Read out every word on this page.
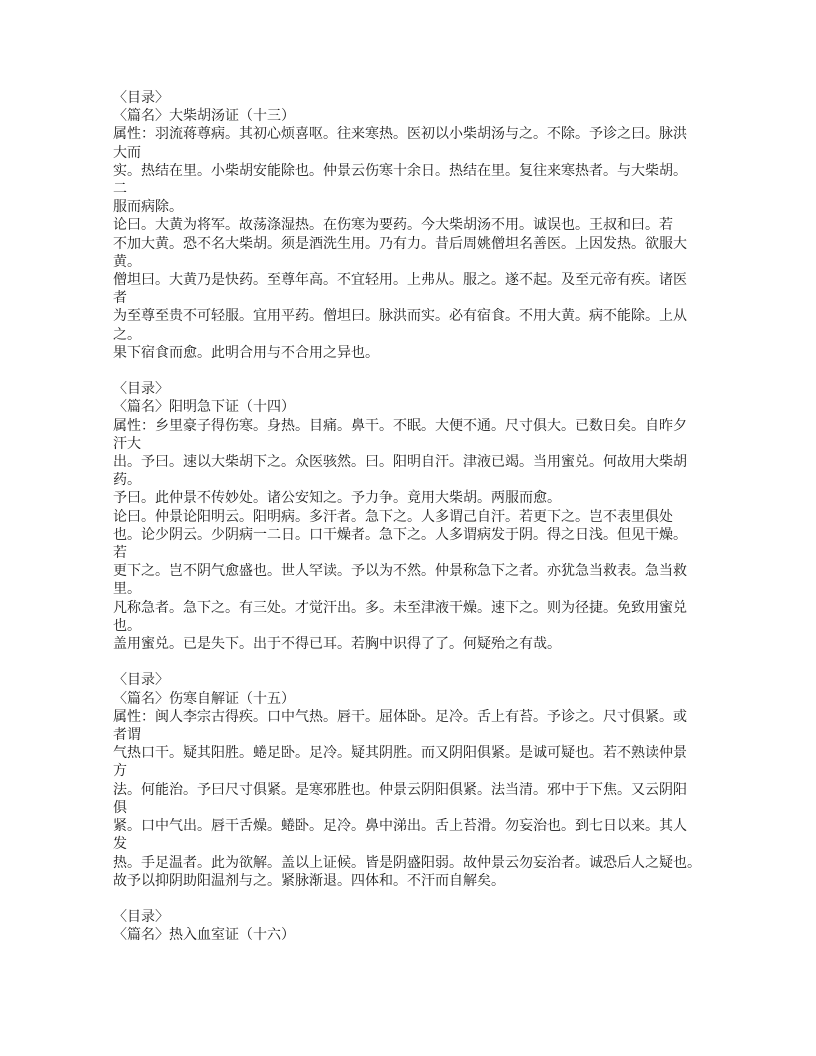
〈目录〉
〈篇名〉大柴胡汤证（十三）
属性：羽流蒋尊病。其初心烦喜呕。往来寒热。医初以小柴胡汤与之。不除。予诊之曰。脉洪
大而
实。热结在里。小柴胡安能除也。仲景云伤寒十余日。热结在里。复往来寒热者。与大柴胡。
二
服而病除。
论曰。大黄为将军。故荡涤湿热。在伤寒为要药。今大柴胡汤不用。诚误也。王叔和曰。若
不加大黄。恐不名大柴胡。须是酒洗生用。乃有力。昔后周姚僧坦名善医。上因发热。欲服大
黄。
僧坦曰。大黄乃是快药。至尊年高。不宜轻用。上弗从。服之。遂不起。及至元帝有疾。诸医
者
为至尊至贵不可轻服。宜用平药。僧坦曰。脉洪而实。必有宿食。不用大黄。病不能除。上从
之。
果下宿食而愈。此明合用与不合用之异也。
〈目录〉
〈篇名〉阳明急下证（十四）
属性：乡里豪子得伤寒。身热。目痛。鼻干。不眠。大便不通。尺寸俱大。已数日矣。自昨夕
汗大
出。予曰。速以大柴胡下之。众医骇然。曰。阳明自汗。津液已竭。当用蜜兑。何故用大柴胡
药。
予曰。此仲景不传妙处。诸公安知之。予力争。竟用大柴胡。两服而愈。
论曰。仲景论阳明云。阳明病。多汗者。急下之。人多谓己自汗。若更下之。岂不表里俱处
也。论少阴云。少阴病一二日。口干燥者。急下之。人多谓病发于阴。得之日浅。但见干燥。
若
更下之。岂不阴气愈盛也。世人罕读。予以为不然。仲景称急下之者。亦犹急当救表。急当救
里。
凡称急者。急下之。有三处。才觉汗出。多。未至津液干燥。速下之。则为径捷。免致用蜜兑
也。
盖用蜜兑。已是失下。出于不得已耳。若胸中识得了了。何疑殆之有哉。
〈目录〉
〈篇名〉伤寒自解证（十五）
属性：闽人李宗古得疾。口中气热。唇干。屈体卧。足冷。舌上有苔。予诊之。尺寸俱紧。或
者谓
气热口干。疑其阳胜。蜷足卧。足冷。疑其阴胜。而又阴阳俱紧。是诚可疑也。若不熟读仲景
方
法。何能治。予曰尺寸俱紧。是寒邪胜也。仲景云阴阳俱紧。法当清。邪中于下焦。又云阴阳
俱
紧。口中气出。唇干舌燥。蜷卧。足冷。鼻中涕出。舌上苔滑。勿妄治也。到七日以来。其人
发
热。手足温者。此为欲解。盖以上证候。皆是阴盛阳弱。故仲景云勿妄治者。诚恐后人之疑也。
故予以抑阴助阳温剂与之。紧脉渐退。四体和。不汗而自解矣。
〈目录〉
〈篇名〉热入血室证（十六）
